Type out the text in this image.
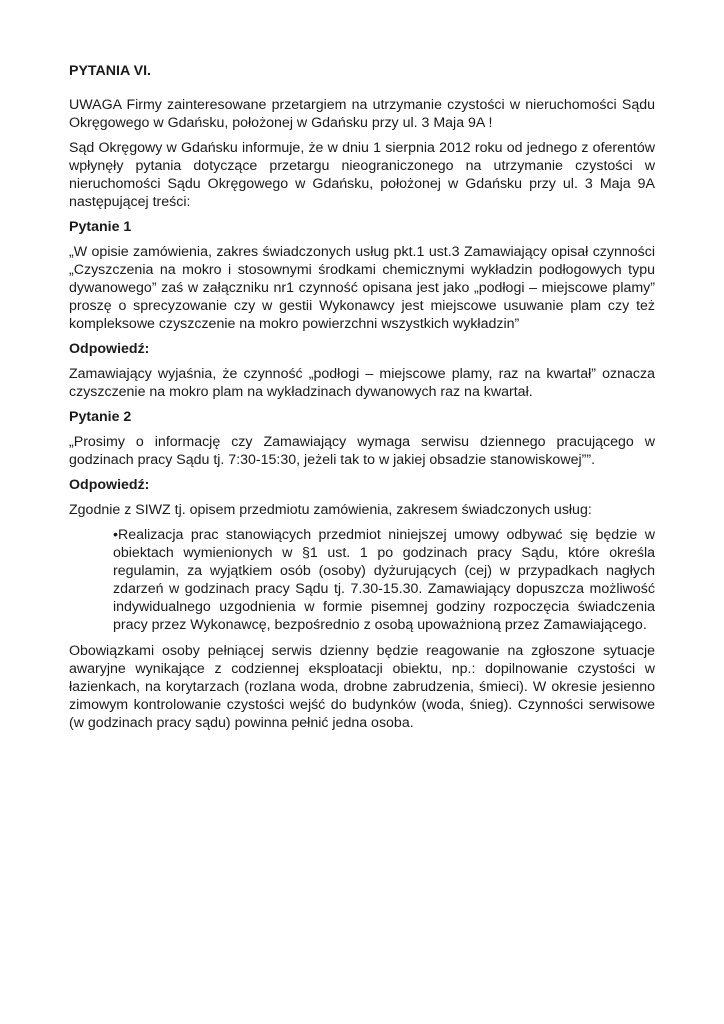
PYTANIA VI.

UWAGA Firmy zainteresowane przetargiem na utrzymanie czystości w nieruchomości Sądu Okręgowego w Gdańsku, położonej w Gdańsku przy ul. 3 Maja 9A !

Sąd Okręgowy w Gdańsku informuje, że w dniu 1 sierpnia 2012 roku od jednego z oferentów wpłynęły pytania dotyczące przetargu nieograniczonego na utrzymanie czystości w nieruchomości Sądu Okręgowego w Gdańsku, położonej w Gdańsku przy ul. 3 Maja 9A następującej treści:

Pytanie 1

„W opisie zamówienia, zakres świadczonych usług pkt.1 ust.3 Zamawiający opisał czynności „Czyszczenia na mokro i stosownymi środkami chemicznymi wykładzin podłogowych typu dywanowego” zaś w załączniku nr1 czynność opisana jest jako „podłogi – miejscowe plamy” proszę o sprecyzowanie czy w gestii Wykonawcy jest miejscowe usuwanie plam czy też kompleksowe czyszczenie na mokro powierzchni wszystkich wykładzin”

Odpowiedź:

Zamawiający wyjaśnia, że czynność „podłogi – miejscowe plamy, raz na kwartał” oznacza czyszczenie na mokro plam na wykładzinach dywanowych raz na kwartał.

Pytanie 2

„Prosimy o informację czy Zamawiający wymaga serwisu dziennego pracującego w godzinach pracy Sądu tj. 7:30-15:30, jeżeli tak to w jakiej obsadzie stanowiskowej””.

Odpowiedź:

Zgodnie z SIWZ tj. opisem przedmiotu zamówienia, zakresem świadczonych usług:

•Realizacja prac stanowiących przedmiot niniejszej umowy odbywać się będzie w obiektach wymienionych w §1 ust. 1 po godzinach pracy Sądu, które określa regulamin, za wyjątkiem osób (osoby) dyżurujących (cej) w przypadkach nagłych zdarzeń w godzinach pracy Sądu tj. 7.30-15.30. Zamawiający dopuszcza możliwość indywidualnego uzgodnienia w formie pisemnej godziny rozpoczęcia świadczenia pracy przez Wykonawcę, bezpośrednio z osobą upoważnioną przez Zamawiającego.

Obowiązkami osoby pełniącej serwis dzienny będzie reagowanie na zgłoszone sytuacje awaryjne wynikające z codziennej eksploatacji obiektu, np.: dopilnowanie czystości w łazienkach, na korytarzach (rozlana woda, drobne zabrudzenia, śmieci). W okresie jesienno zimowym kontrolowanie czystości wejść do budynków (woda, śnieg). Czynności serwisowe (w godzinach pracy sądu) powinna pełnić jedna osoba.
